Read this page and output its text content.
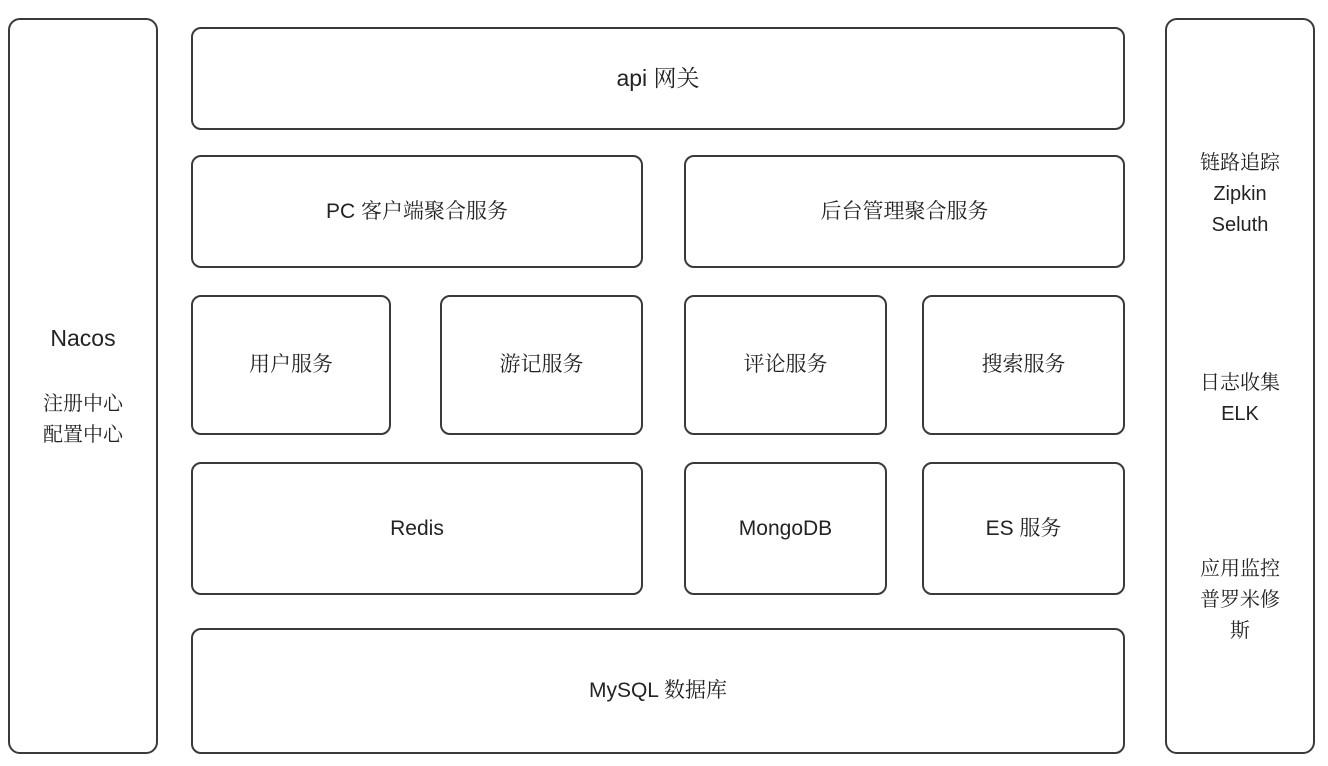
Nacos
注册中心
配置中心
链路追踪
Zipkin
Seluth
日志收集
ELK
应用监控
普罗米修
斯
api 网关
PC 客户端聚合服务	后台管理聚合服务
用户服务	游记服务	评论服务	搜索服务
Redis	MongoDB	ES 服务
MySQL 数据库
